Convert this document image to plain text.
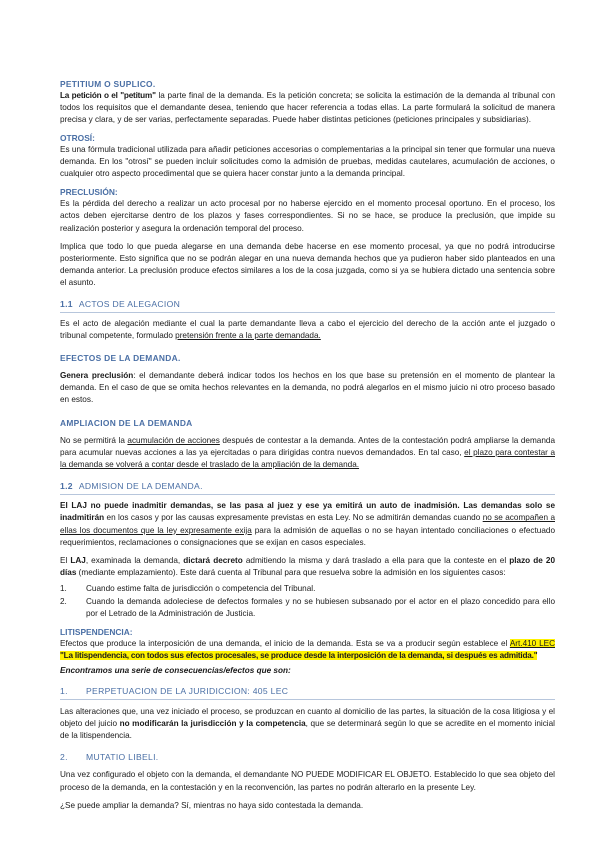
PETITIUM O SUPLICO.

La petición o el "petitum" la parte final de la demanda. Es la petición concreta; se solicita la estimación de la demanda al tribunal con todos los requisitos que el demandante desea, teniendo que hacer referencia a todas ellas. La parte formulará la solicitud de manera precisa y clara, y de ser varias, perfectamente separadas. Puede haber distintas peticiones (peticiones principales y subsidiarias).

OTROSÍ:

Es una fórmula tradicional utilizada para añadir peticiones accesorias o complementarias a la principal sin tener que formular una nueva demanda. En los "otrosí" se pueden incluir solicitudes como la admisión de pruebas, medidas cautelares, acumulación de acciones, o cualquier otro aspecto procedimental que se quiera hacer constar junto a la demanda principal.

PRECLUSIÓN:

Es la pérdida del derecho a realizar un acto procesal por no haberse ejercido en el momento procesal oportuno. En el proceso, los actos deben ejercitarse dentro de los plazos y fases correspondientes. Si no se hace, se produce la preclusión, que impide su realización posterior y asegura la ordenación temporal del proceso.

Implica que todo lo que pueda alegarse en una demanda debe hacerse en ese momento procesal, ya que no podrá introducirse posteriormente. Esto significa que no se podrán alegar en una nueva demanda hechos que ya pudieron haber sido planteados en una demanda anterior. La preclusión produce efectos similares a los de la cosa juzgada, como si ya se hubiera dictado una sentencia sobre el asunto.

1.1 ACTOS DE ALEGACION

Es el acto de alegación mediante el cual la parte demandante lleva a cabo el ejercicio del derecho de la acción ante el juzgado o tribunal competente, formulado pretensión frente a la parte demandada.

EFECTOS DE LA DEMANDA.

Genera preclusión: el demandante deberá indicar todos los hechos en los que base su pretensión en el momento de plantear la demanda. En el caso de que se omita hechos relevantes en la demanda, no podrá alegarlos en el mismo juicio ni otro proceso basado en estos.

AMPLIACION DE LA DEMANDA

No se permitirá la acumulación de acciones después de contestar a la demanda. Antes de la contestación podrá ampliarse la demanda para acumular nuevas acciones a las ya ejercitadas o para dirigidas contra nuevos demandados. En tal caso, el plazo para contestar a la demanda se volverá a contar desde el traslado de la ampliación de la demanda.

1.2 ADMISION DE LA DEMANDA.

El LAJ no puede inadmitir demandas, se las pasa al juez y ese ya emitirá un auto de inadmisión. Las demandas solo se inadmitirán en los casos y por las causas expresamente previstas en esta Ley. No se admitirán demandas cuando no se acompañen a ellas los documentos que la ley expresamente exija para la admisión de aquellas o no se hayan intentado conciliaciones o efectuado requerimientos, reclamaciones o consignaciones que se exijan en casos especiales.

El LAJ, examinada la demanda, dictará decreto admitiendo la misma y dará traslado a ella para que la conteste en el plazo de 20 días (mediante emplazamiento). Este dará cuenta al Tribunal para que resuelva sobre la admisión en los siguientes casos:

1.	Cuando estime falta de jurisdicción o competencia del Tribunal.
2.	Cuando la demanda adoleciese de defectos formales y no se hubiesen subsanado por el actor en el plazo concedido para ello por el Letrado de la Administración de Justicia.
LITISPENDENCIA:

Efectos que produce la interposición de una demanda, el inicio de la demanda. Esta se va a producir según establece el Art.410 LEC "La litispendencia, con todos sus efectos procesales, se produce desde la interposición de la demanda, si después es admitida."

Encontramos una serie de consecuencias/efectos que son:

1. PERPETUACION DE LA JURIDICCION: 405 LEC

Las alteraciones que, una vez iniciado el proceso, se produzcan en cuanto al domicilio de las partes, la situación de la cosa litigiosa y el objeto del juicio no modificarán la jurisdicción y la competencia, que se determinará según lo que se acredite en el momento inicial de la litispendencia.

2. MUTATIO LIBELI.

Una vez configurado el objeto con la demanda, el demandante NO PUEDE MODIFICAR EL OBJETO. Establecido lo que sea objeto del proceso de la demanda, en la contestación y en la reconvención, las partes no podrán alterarlo en la presente Ley.

¿Se puede ampliar la demanda? Sí, mientras no haya sido contestada la demanda.
